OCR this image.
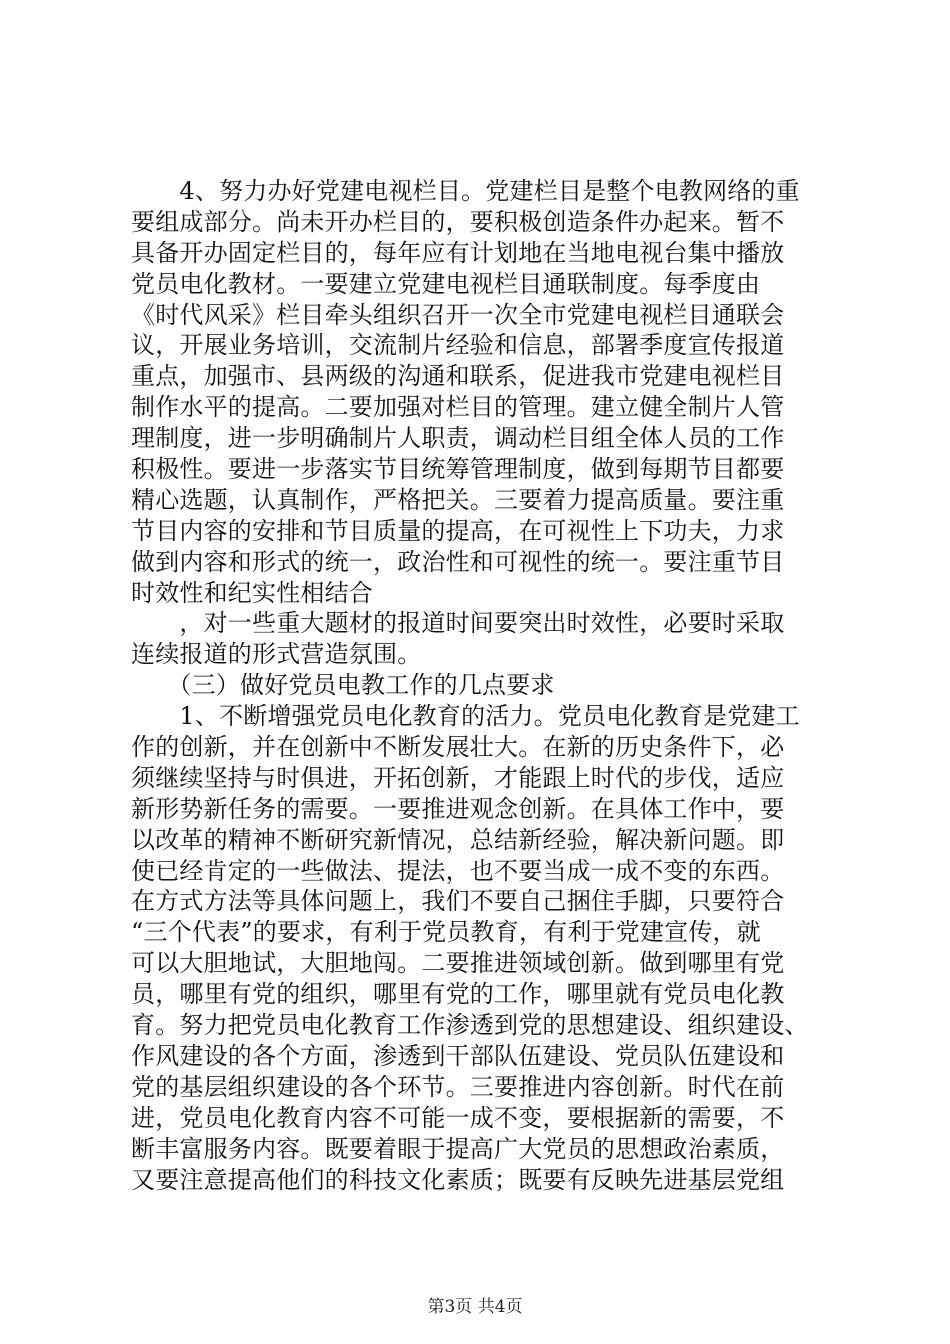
　　4、努力办好党建电视栏目。党建栏目是整个电教网络的重
要组成部分。尚未开办栏目的，要积极创造条件办起来。暂不
具备开办固定栏目的，每年应有计划地在当地电视台集中播放
党员电化教材。一要建立党建电视栏目通联制度。每季度由
《时代风采》栏目牵头组织召开一次全市党建电视栏目通联会
议，开展业务培训，交流制片经验和信息，部署季度宣传报道
重点，加强市、县两级的沟通和联系，促进我市党建电视栏目
制作水平的提高。二要加强对栏目的管理。建立健全制片人管
理制度，进一步明确制片人职责，调动栏目组全体人员的工作
积极性。要进一步落实节目统筹管理制度，做到每期节目都要
精心选题，认真制作，严格把关。三要着力提高质量。要注重
节目内容的安排和节目质量的提高，在可视性上下功夫，力求
做到内容和形式的统一，政治性和可视性的统一。要注重节目
时效性和纪实性相结合
　　，对一些重大题材的报道时间要突出时效性，必要时采取
连续报道的形式营造氛围。
　　（三）做好党员电教工作的几点要求
　　1、不断增强党员电化教育的活力。党员电化教育是党建工
作的创新，并在创新中不断发展壮大。在新的历史条件下，必
须继续坚持与时俱进，开拓创新，才能跟上时代的步伐，适应
新形势新任务的需要。一要推进观念创新。在具体工作中，要
以改革的精神不断研究新情况，总结新经验，解决新问题。即
使已经肯定的一些做法、提法，也不要当成一成不变的东西。
在方式方法等具体问题上，我们不要自己捆住手脚，只要符合
“三个代表”的要求，有利于党员教育，有利于党建宣传，就
可以大胆地试，大胆地闯。二要推进领域创新。做到哪里有党
员，哪里有党的组织，哪里有党的工作，哪里就有党员电化教
育。努力把党员电化教育工作渗透到党的思想建设、组织建设、
作风建设的各个方面，渗透到干部队伍建设、党员队伍建设和
党的基层组织建设的各个环节。三要推进内容创新。时代在前
进，党员电化教育内容不可能一成不变，要根据新的需要，不
断丰富服务内容。既要着眼于提高广大党员的思想政治素质，
又要注意提高他们的科技文化素质；既要有反映先进基层党组
第3页 共4页
